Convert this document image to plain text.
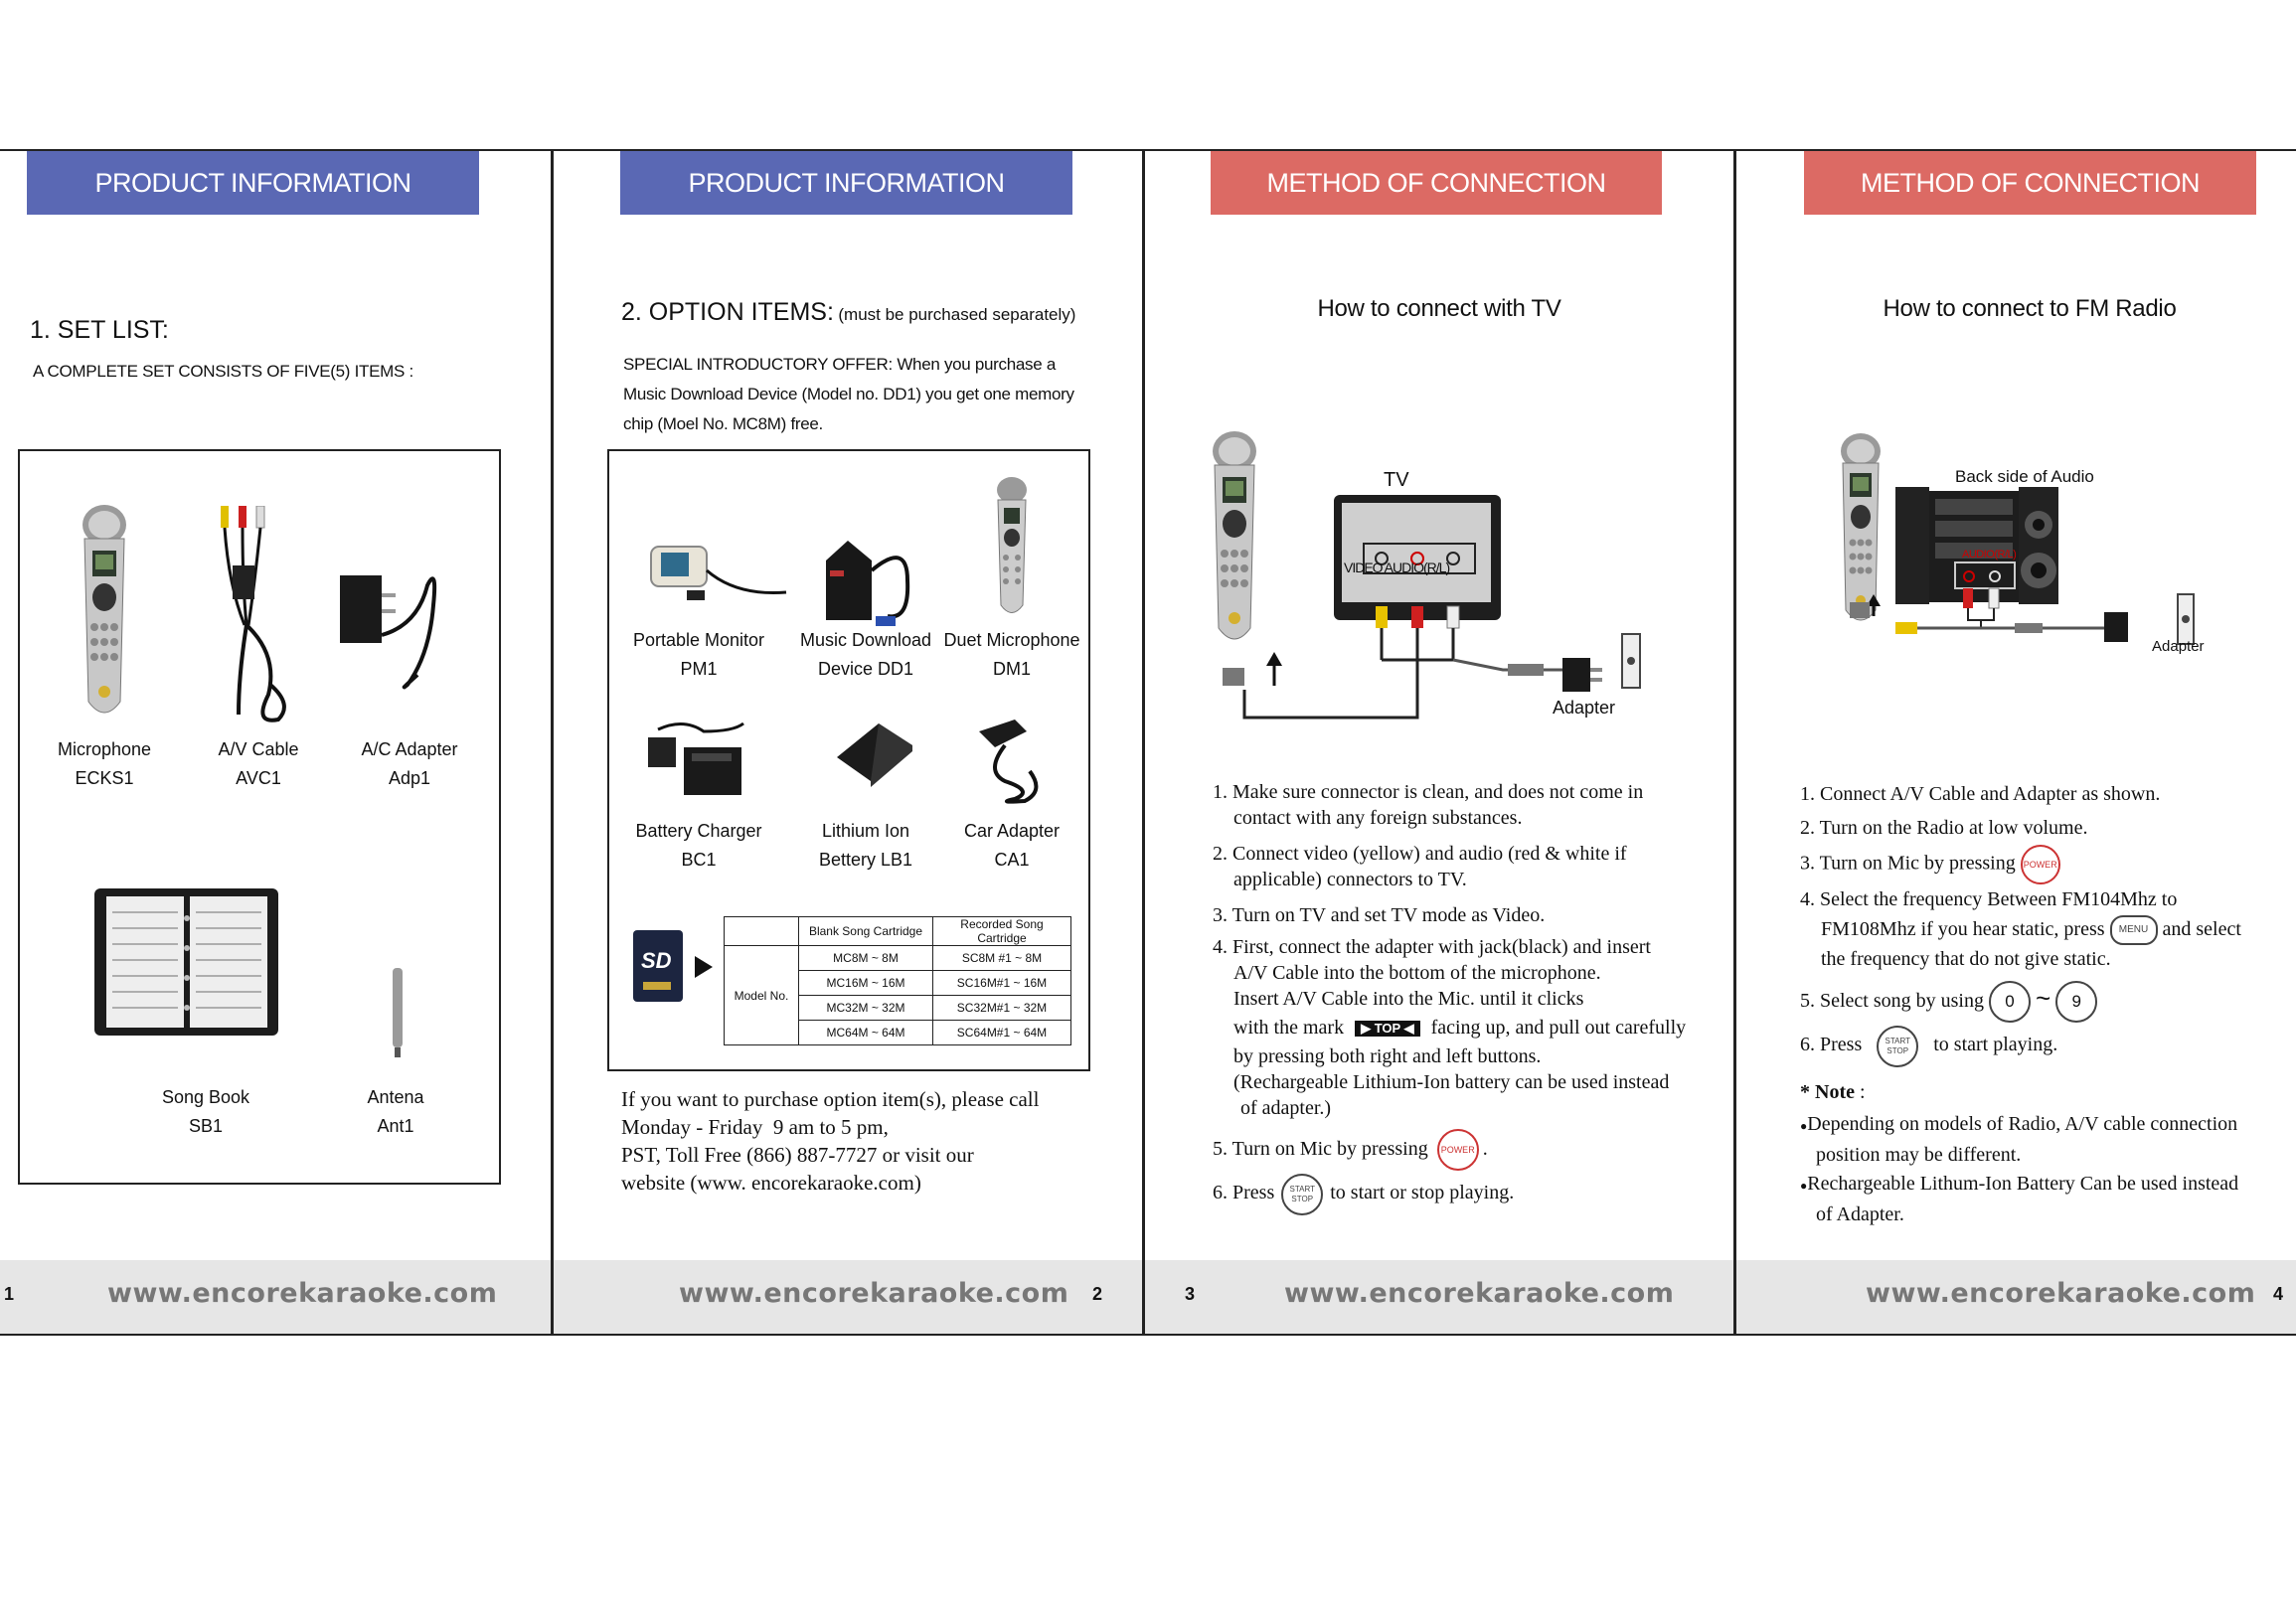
PRODUCT INFORMATION
1. SET LIST:
A COMPLETE SET CONSISTS OF FIVE(5) ITEMS :
Microphone
ECKS1
A/V Cable
AVC1
A/C Adapter
Adp1
Song Book
SB1
Antena
Ant1
1	www.encorekaraoke.com
PRODUCT INFORMATION
2. OPTION ITEMS: (must be purchased separately)
SPECIAL INTRODUCTORY OFFER: When you purchase a Music Download Device (Model no. DD1) you get one memory chip (Moel No. MC8M) free.
Portable Monitor
PM1
Music Download
Device DD1
Duet Microphone
DM1
Battery Charger
BC1
Lithium Ion
Bettery LB1
Car Adapter
CA1
SD
	Blank Song Cartridge	Recorded Song Cartridge
Model No.	MC8M ~ 8M	SC8M #1 ~ 8M
	MC16M ~ 16M	SC16M#1 ~ 16M
	MC32M ~ 32M	SC32M#1 ~ 32M
	MC64M ~ 64M	SC64M#1 ~ 64M
If you want to purchase option item(s), please call
Monday - Friday  9 am to 5 pm,
PST, Toll Free (866) 887-7727 or visit our
website (www. encorekaraoke.com)
www.encorekaraoke.com 2
METHOD OF CONNECTION
How to connect with TV
TV
VIDEO AUDIO(R/L)
Adapter
1. Make sure connector is clean, and does not come in
contact with any foreign substances.
2. Connect video (yellow) and audio (red & white if
applicable) connectors to TV.
3. Turn on TV and set TV mode as Video.
4. First, connect the adapter with jack(black) and insert
A/V Cable into the bottom of the microphone.
Insert A/V Cable into the Mic. until it clicks
with the mark ▶ TOP ◀ facing up, and pull out carefully
by pressing both right and left buttons.
(Rechargeable Lithium-Ion battery can be used instead
of adapter.)
5. Turn on Mic by pressing POWER .
6. Press START
STOP to start or stop playing.
3	www.encorekaraoke.com
METHOD OF CONNECTION
How to connect to FM Radio
Back side of Audio
AUDIO(R/L)
Adapter
1. Connect A/V Cable and Adapter as shown.
2. Turn on the Radio at low volume.
3. Turn on Mic by pressing POWER
4. Select the frequency Between FM104Mhz to
FM108Mhz if you hear static, press MENU and select
the frequency that do not give static.
5. Select song by using 0 ~ 9
6. Press	START
STOP to start playing.
* Note :
●Depending on models of Radio, A/V cable connection
position may be different.
●Rechargeable Lithum-Ion Battery Can be used instead
of Adapter.
www.encorekaraoke.com 4
